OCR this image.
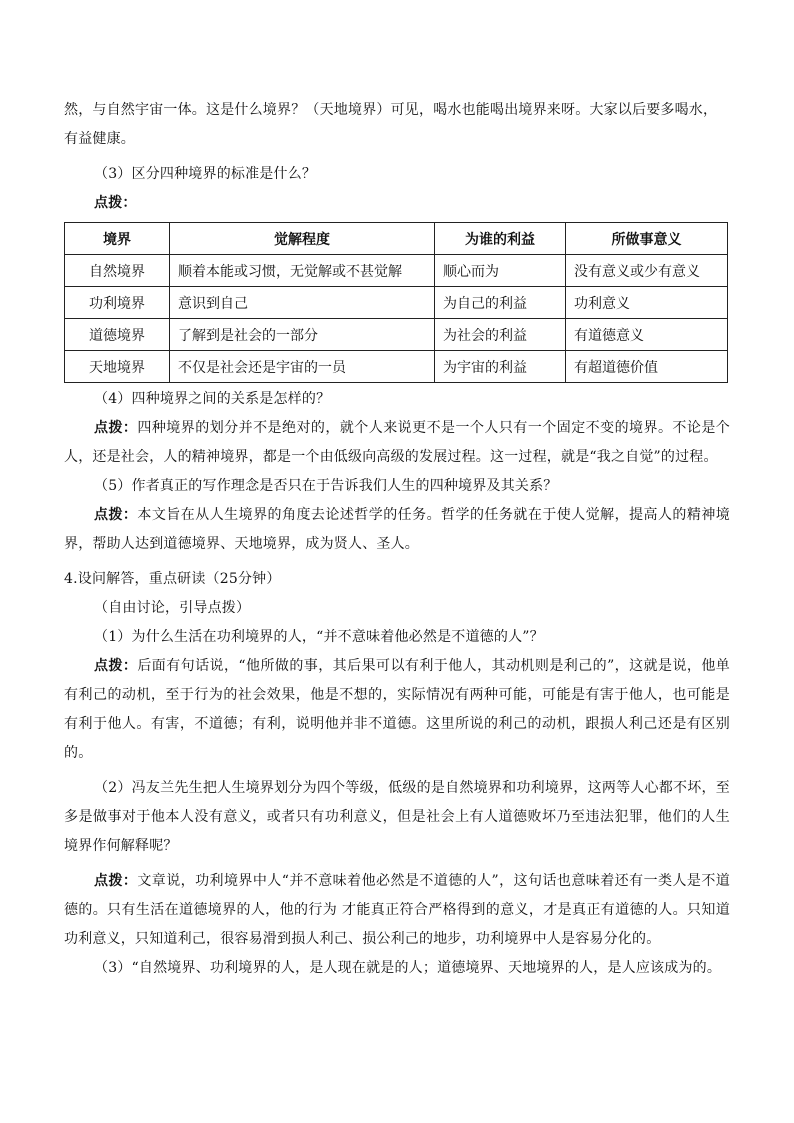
然，与自然宇宙一体。这是什么境界？（天地境界）可见，喝水也能喝出境界来呀。大家以后要多喝水，

有益健康。

（3）区分四种境界的标准是什么？

点拨：

境界	觉解程度	为谁的利益	所做事意义
自然境界	顺着本能或习惯，无觉解或不甚觉解	顺心而为	没有意义或少有意义
功利境界	意识到自己	为自己的利益	功利意义
道德境界	了解到是社会的一部分	为社会的利益	有道德意义
天地境界	不仅是社会还是宇宙的一员	为宇宙的利益	有超道德价值

（4）四种境界之间的关系是怎样的？

点拨：四种境界的划分并不是绝对的，就个人来说更不是一个人只有一个固定不变的境界。不论是个人，还是社会，人的精神境界，都是一个由低级向高级的发展过程。这一过程，就是“我之自觉”的过程。

（5）作者真正的写作理念是否只在于告诉我们人生的四种境界及其关系？

点拨：本文旨在从人生境界的角度去论述哲学的任务。哲学的任务就在于使人觉解，提高人的精神境界，帮助人达到道德境界、天地境界，成为贤人、圣人。

4.设问解答，重点研读（25分钟）

（自由讨论，引导点拨）

（1）为什么生活在功利境界的人，“并不意味着他必然是不道德的人”？

点拨：后面有句话说，“他所做的事，其后果可以有利于他人，其动机则是利己的”，这就是说，他单有利己的动机，至于行为的社会效果，他是不想的，实际情况有两种可能，可能是有害于他人，也可能是有利于他人。有害，不道德；有利，说明他并非不道德。这里所说的利己的动机，跟损人利己还是有区别的。

（2）冯友兰先生把人生境界划分为四个等级，低级的是自然境界和功利境界，这两等人心都不坏，至多是做事对于他本人没有意义，或者只有功利意义，但是社会上有人道德败坏乃至违法犯罪，他们的人生境界作何解释呢？

点拨：文章说，功利境界中人“并不意味着他必然是不道德的人”，这句话也意味着还有一类人是不道德的。只有生活在道德境界的人，他的行为 才能真正符合严格得到的意义，才是真正有道德的人。只知道功利意义，只知道利己，很容易滑到损人利己、损公利己的地步，功利境界中人是容易分化的。

（3）“自然境界、功利境界的人，是人现在就是的人；道德境界、天地境界的人，是人应该成为的。
